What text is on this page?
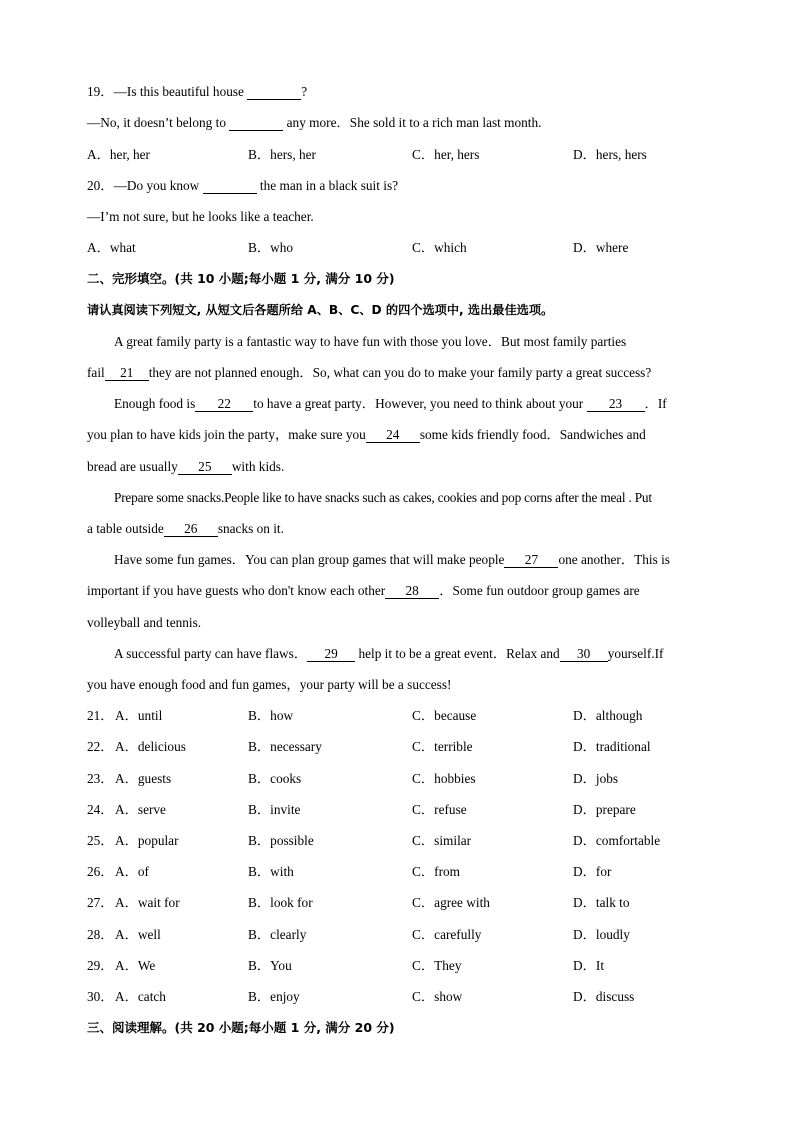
19．—Is this beautiful house	?
—No, it doesn’t belong to	any more．She sold it to a rich man last month.
A．her, her	B．hers, her	C．her, hers	D．hers, hers
20．—Do you know	the man in a black suit is?
—I’m not sure, but he looks like a teacher.
A．what	B．who	C．which	D．where
二、完形填空。(共 10 小题;每小题 1 分, 满分 10 分)
请认真阅读下列短文, 从短文后各题所给 A、B、C、D 的四个选项中, 选出最佳选项。
A great family party is a fantastic way to have fun with those you love．But most family parties
fail 21 they are not planned enough．So, what can you do to make your family party a great success?
Enough food is 22 to have a great party．However, you need to think about your 23 ．If
you plan to have kids join the party，make sure you 24 some kids friendly food．Sandwiches and
bread are usually 25 with kids.
Prepare some snacks.People like to have snacks such as cakes, cookies and pop corns after the meal . Put
a table outside 26 snacks on it.
Have some fun games．You can plan group games that will make people 27 one another．This is
important if you have guests who don't know each other 28 ．Some fun outdoor group games are
volleyball and tennis.
A successful party can have flaws． 29 help it to be a great event．Relax and 30 yourself.If
you have enough food and fun games，your party will be a success!
21． A．until	B．how	C．because	D．although
22． A．delicious	B．necessary	C．terrible	D．traditional
23． A．guests	B．cooks	C．hobbies	D．jobs
24． A．serve	B．invite	C．refuse	D．prepare
25． A．popular	B．possible	C．similar	D．comfortable
26． A．of	B．with	C．from	D．for
27． A．wait for	B．look for	C．agree with	D．talk to
28． A．well	B．clearly	C．carefully	D．loudly
29． A．We	B．You	C．They	D．It
30． A．catch	B．enjoy	C．show	D．discuss
三、阅读理解。(共 20 小题;每小题 1 分, 满分 20 分)
